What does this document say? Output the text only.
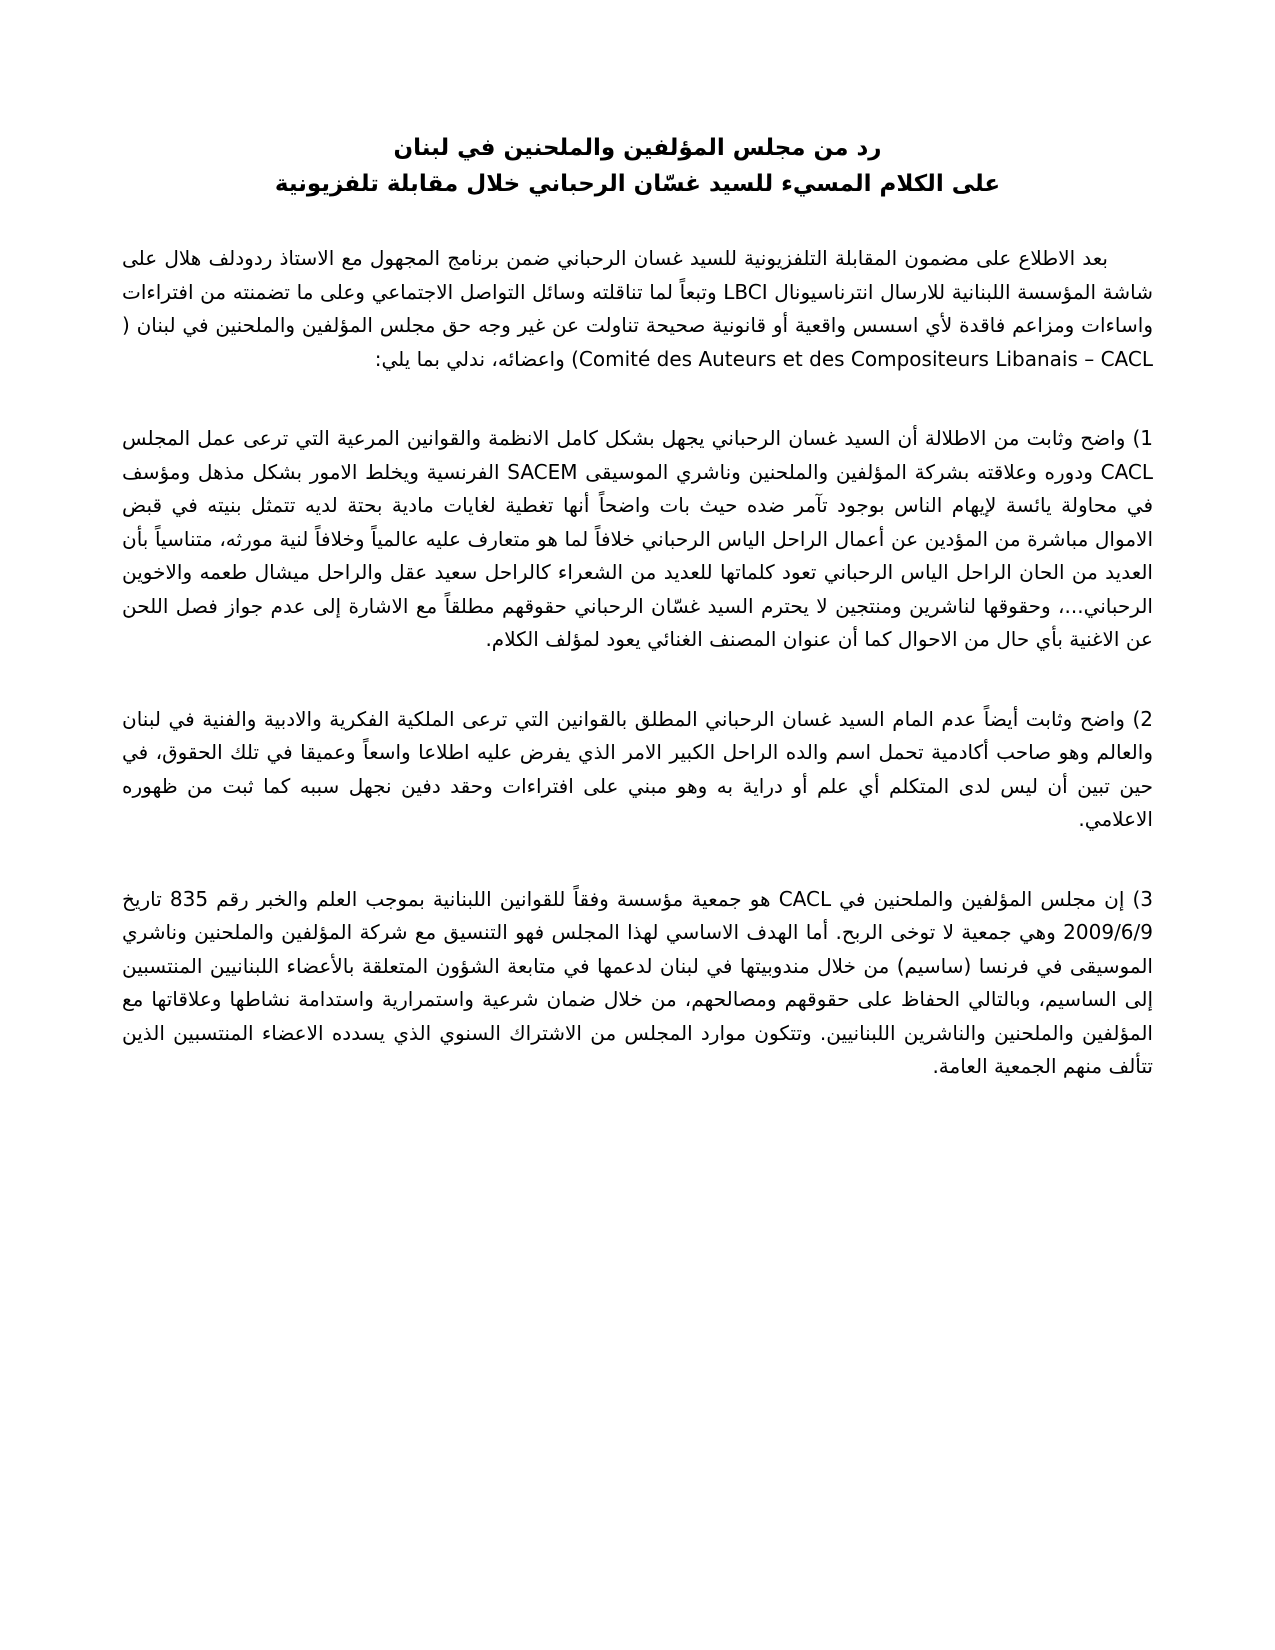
رد من مجلس المؤلفين والملحنين في لبنان
على الكلام المسيء للسيد غسّان الرحباني خلال مقابلة تلفزيونية

بعد الاطلاع على مضمون المقابلة التلفزيونية للسيد غسان الرحباني ضمن برنامج المجهول مع الاستاذ ردودلف هلال على شاشة المؤسسة اللبنانية للارسال انترناسيونال LBCI وتبعاً لما تناقلته وسائل التواصل الاجتماعي وعلى ما تضمنته من افتراءات واساءات ومزاعم فاقدة لأي اسسس واقعية أو قانونية صحيحة تناولت عن غير وجه حق مجلس المؤلفين والملحنين في لبنان ( Comité des Auteurs et des Compositeurs Libanais – CACL) واعضائه، ندلي بما يلي:

1) واضح وثابت من الاطلالة أن السيد غسان الرحباني يجهل بشكل كامل الانظمة والقوانين المرعية التي ترعى عمل المجلس CACL ودوره وعلاقته بشركة المؤلفين والملحنين وناشري الموسيقى SACEM الفرنسية ويخلط الامور بشكل مذهل ومؤسف في محاولة يائسة لإيهام الناس بوجود تآمر ضده حيث بات واضحاً أنها تغطية لغايات مادية بحتة لديه تتمثل بنيته في قبض الاموال مباشرة من المؤدين عن أعمال الراحل الياس الرحباني خلافاً لما هو متعارف عليه عالمياً وخلافاً لنية مورثه، متناسياً بأن العديد من الحان الراحل الياس الرحباني تعود كلماتها للعديد من الشعراء كالراحل سعيد عقل والراحل ميشال طعمه والاخوين الرحباني...، وحقوقها لناشرين ومنتجين لا يحترم السيد غسّان الرحباني حقوقهم مطلقاً مع الاشارة إلى عدم جواز فصل اللحن عن الاغنية بأي حال من الاحوال كما أن عنوان المصنف الغنائي يعود لمؤلف الكلام.

2) واضح وثابت أيضاً عدم المام السيد غسان الرحباني المطلق بالقوانين التي ترعى الملكية الفكرية والادبية والفنية في لبنان والعالم وهو صاحب أكادمية تحمل اسم والده الراحل الكبير الامر الذي يفرض عليه اطلاعا واسعاً وعميقا في تلك الحقوق، في حين تبين أن ليس لدى المتكلم أي علم أو دراية به وهو مبني على افتراءات وحقد دفين نجهل سببه كما ثبت من ظهوره الاعلامي.

3) إن مجلس المؤلفين والملحنين في CACL هو جمعية مؤسسة وفقاً للقوانين اللبنانية بموجب العلم والخبر رقم 835 تاريخ 2009/6/9 وهي جمعية لا توخى الربح. أما الهدف الاساسي لهذا المجلس فهو التنسيق مع شركة المؤلفين والملحنين وناشري الموسيقى في فرنسا (ساسيم) من خلال مندوبيتها في لبنان لدعمها في متابعة الشؤون المتعلقة بالأعضاء اللبنانيين المنتسبين إلى الساسيم، وبالتالي الحفاظ على حقوقهم ومصالحهم، من خلال ضمان شرعية واستمرارية واستدامة نشاطها وعلاقاتها مع المؤلفين والملحنين والناشرين اللبنانيين. وتتكون موارد المجلس من الاشتراك السنوي الذي يسدده الاعضاء المنتسبين الذين تتألف منهم الجمعية العامة.
